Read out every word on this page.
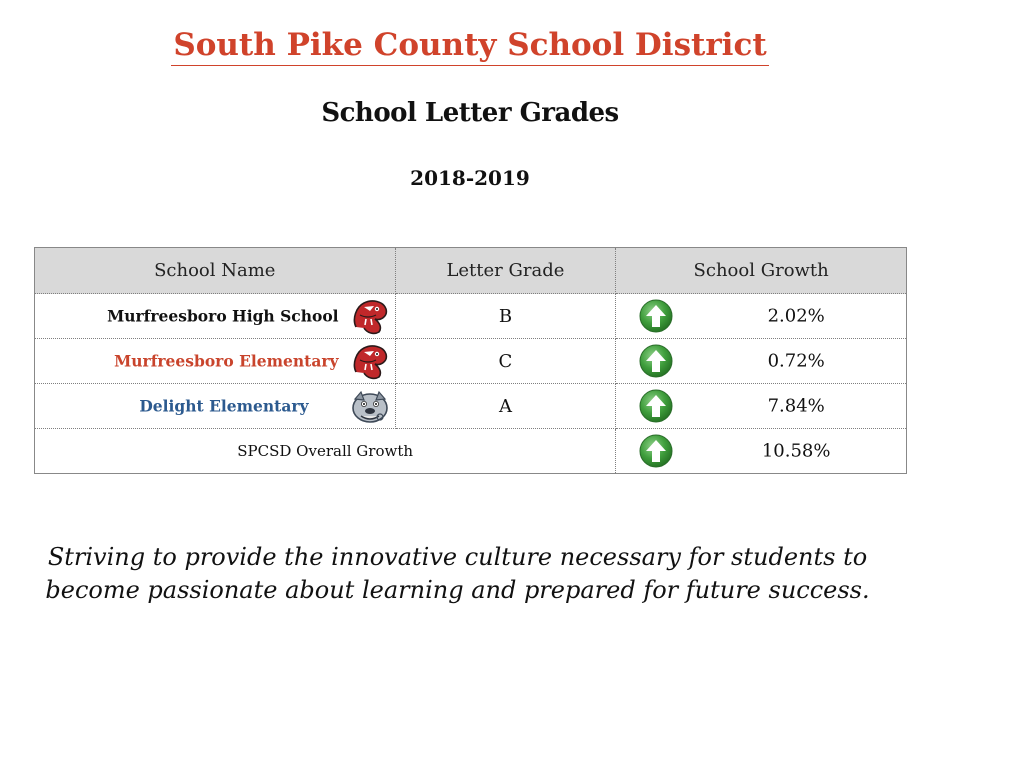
South Pike County School District
School Letter Grades
2018-2019
School Name	Letter Grade	School Growth

Murfreesboro High School	B	2.02%

Murfreesboro Elementary	C	0.72%

Delight Elementary	A	7.84%

SPCSD Overall Growth		10.58%
Striving to provide the innovative culture necessary for students to become passionate about learning and prepared for future success.
